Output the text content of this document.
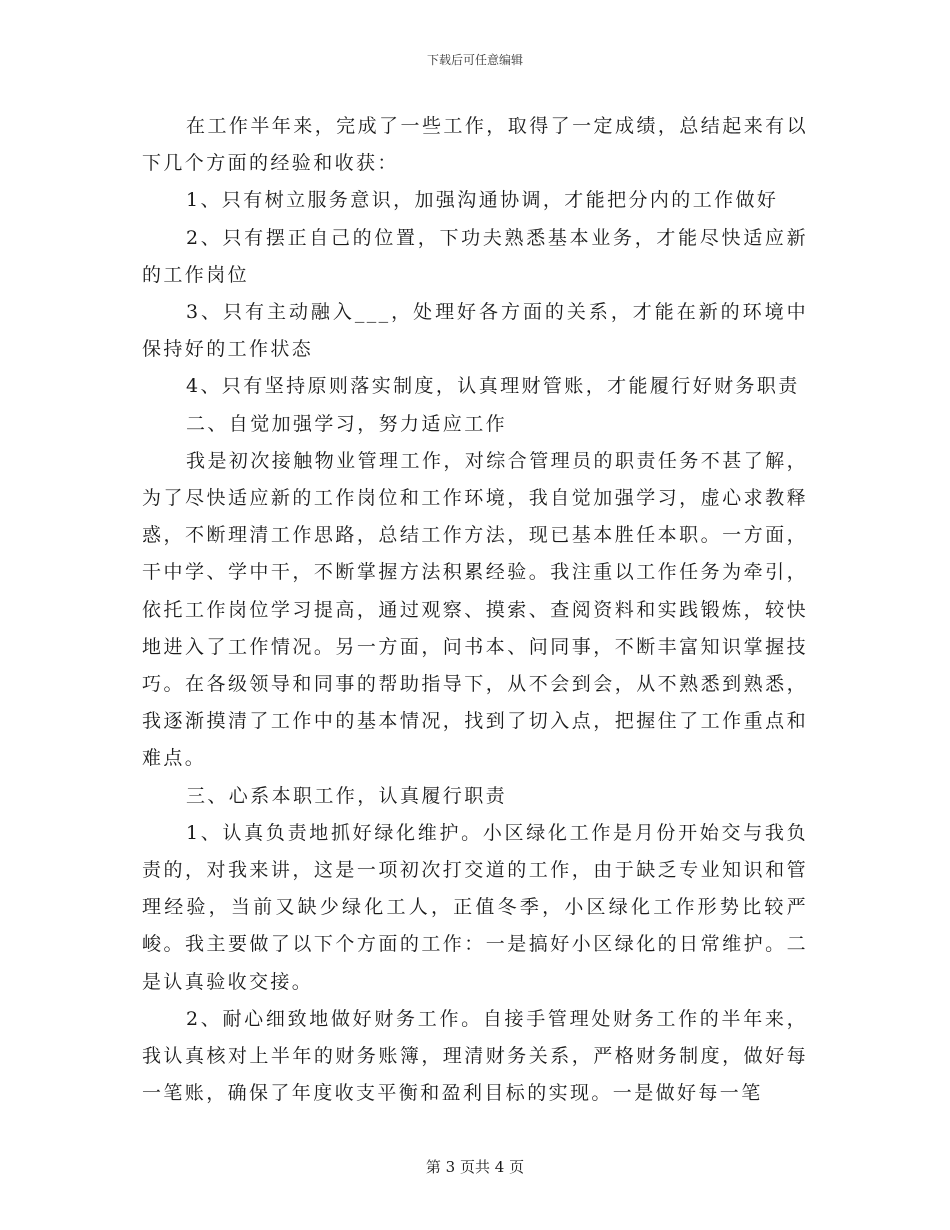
下载后可任意编辑

在工作半年来，完成了一些工作，取得了一定成绩，总结起来有以下几个方面的经验和收获：

1、只有树立服务意识，加强沟通协调，才能把分内的工作做好

2、只有摆正自己的位置，下功夫熟悉基本业务，才能尽快适应新的工作岗位

3、只有主动融入___，处理好各方面的关系，才能在新的环境中保持好的工作状态

4、只有坚持原则落实制度，认真理财管账，才能履行好财务职责

二、自觉加强学习，努力适应工作

我是初次接触物业管理工作，对综合管理员的职责任务不甚了解，为了尽快适应新的工作岗位和工作环境，我自觉加强学习，虚心求教释惑，不断理清工作思路，总结工作方法，现已基本胜任本职。一方面，干中学、学中干，不断掌握方法积累经验。我注重以工作任务为牵引，依托工作岗位学习提高，通过观察、摸索、查阅资料和实践锻炼，较快地进入了工作情况。另一方面，问书本、问同事，不断丰富知识掌握技巧。在各级领导和同事的帮助指导下，从不会到会，从不熟悉到熟悉，我逐渐摸清了工作中的基本情况，找到了切入点，把握住了工作重点和难点。

三、心系本职工作，认真履行职责

1、认真负责地抓好绿化维护。小区绿化工作是月份开始交与我负责的，对我来讲，这是一项初次打交道的工作，由于缺乏专业知识和管理经验，当前又缺少绿化工人，正值冬季，小区绿化工作形势比较严峻。我主要做了以下个方面的工作：一是搞好小区绿化的日常维护。二是认真验收交接。

2、耐心细致地做好财务工作。自接手管理处财务工作的半年来，我认真核对上半年的财务账簿，理清财务关系，严格财务制度，做好每一笔账，确保了年度收支平衡和盈利目标的实现。一是做好每一笔

第 3 页共 4 页
